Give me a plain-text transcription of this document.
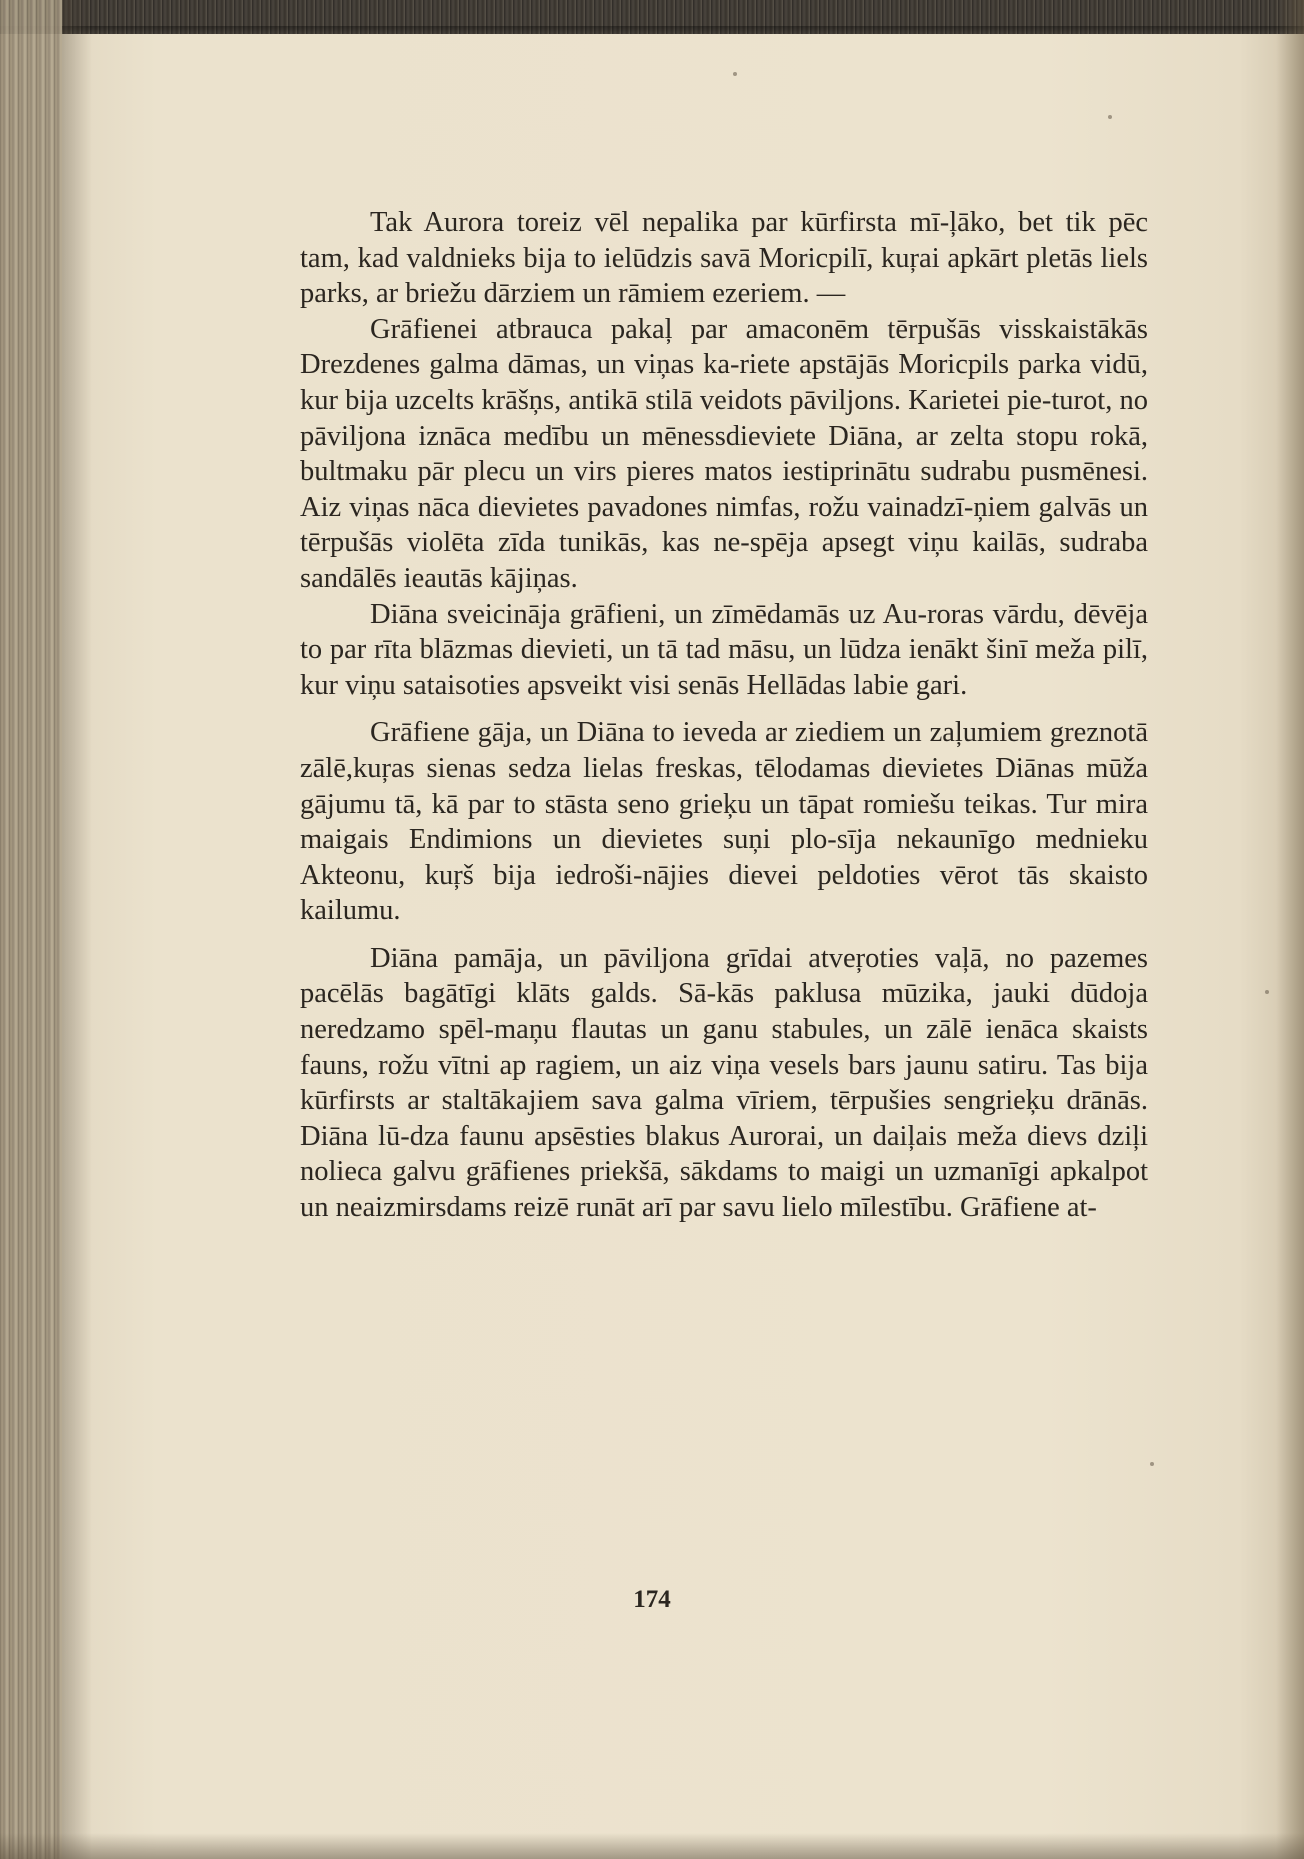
Tak Aurora toreiz vēl nepalika par kūrfirsta mī-ļāko, bet tik pēc tam, kad valdnieks bija to ielūdzis savā Moricpilī, kuŗai apkārt pletās liels parks, ar briežu dārziem un rāmiem ezeriem. —

Grāfienei atbrauca pakaļ par amaconēm tērpušās visskaistākās Drezdenes galma dāmas, un viņas ka-riete apstājās Moricpils parka vidū, kur bija uzcelts krāšņs, antikā stilā veidots pāviljons. Karietei pie-turot, no pāviljona iznāca medību un mēnessdieviete Diāna, ar zelta stopu rokā, bultmaku pār plecu un virs pieres matos iestiprinātu sudrabu pusmēnesi. Aiz viņas nāca dievietes pavadones nimfas, rožu vainadzī-ņiem galvās un tērpušās violēta zīda tunikās, kas ne-spēja apsegt viņu kailās, sudraba sandālēs ieautās kājiņas.

Diāna sveicināja grāfieni, un zīmēdamās uz Au-roras vārdu, dēvēja to par rīta blāzmas dievieti, un tā tad māsu, un lūdza ienākt šinī meža pilī, kur viņu sataisoties apsveikt visi senās Hellādas labie gari.

Grāfiene gāja, un Diāna to ieveda ar ziediem un zaļumiem greznotā zālē,kuŗas sienas sedza lielas freskas, tēlodamas dievietes Diānas mūža gājumu tā, kā par to stāsta seno grieķu un tāpat romiešu teikas. Tur mira maigais Endimions un dievietes suņi plo-sīja nekaunīgo mednieku Akteonu, kuŗš bija iedroši-nājies dievei peldoties vērot tās skaisto kailumu.

Diāna pamāja, un pāviljona grīdai atveŗoties vaļā, no pazemes pacēlās bagātīgi klāts galds. Sā-kās paklusa mūzika, jauki dūdoja neredzamo spēl-maņu flautas un ganu stabules, un zālē ienāca skaists fauns, rožu vītni ap ragiem, un aiz viņa vesels bars jaunu satiru. Tas bija kūrfirsts ar staltākajiem sava galma vīriem, tērpušies sengrieķu drānās. Diāna lū-dza faunu apsēsties blakus Aurorai, un daiļais meža dievs dziļi nolieca galvu grāfienes priekšā, sākdams to maigi un uzmanīgi apkalpot un neaizmirsdams reizē runāt arī par savu lielo mīlestību. Grāfiene at-

174
